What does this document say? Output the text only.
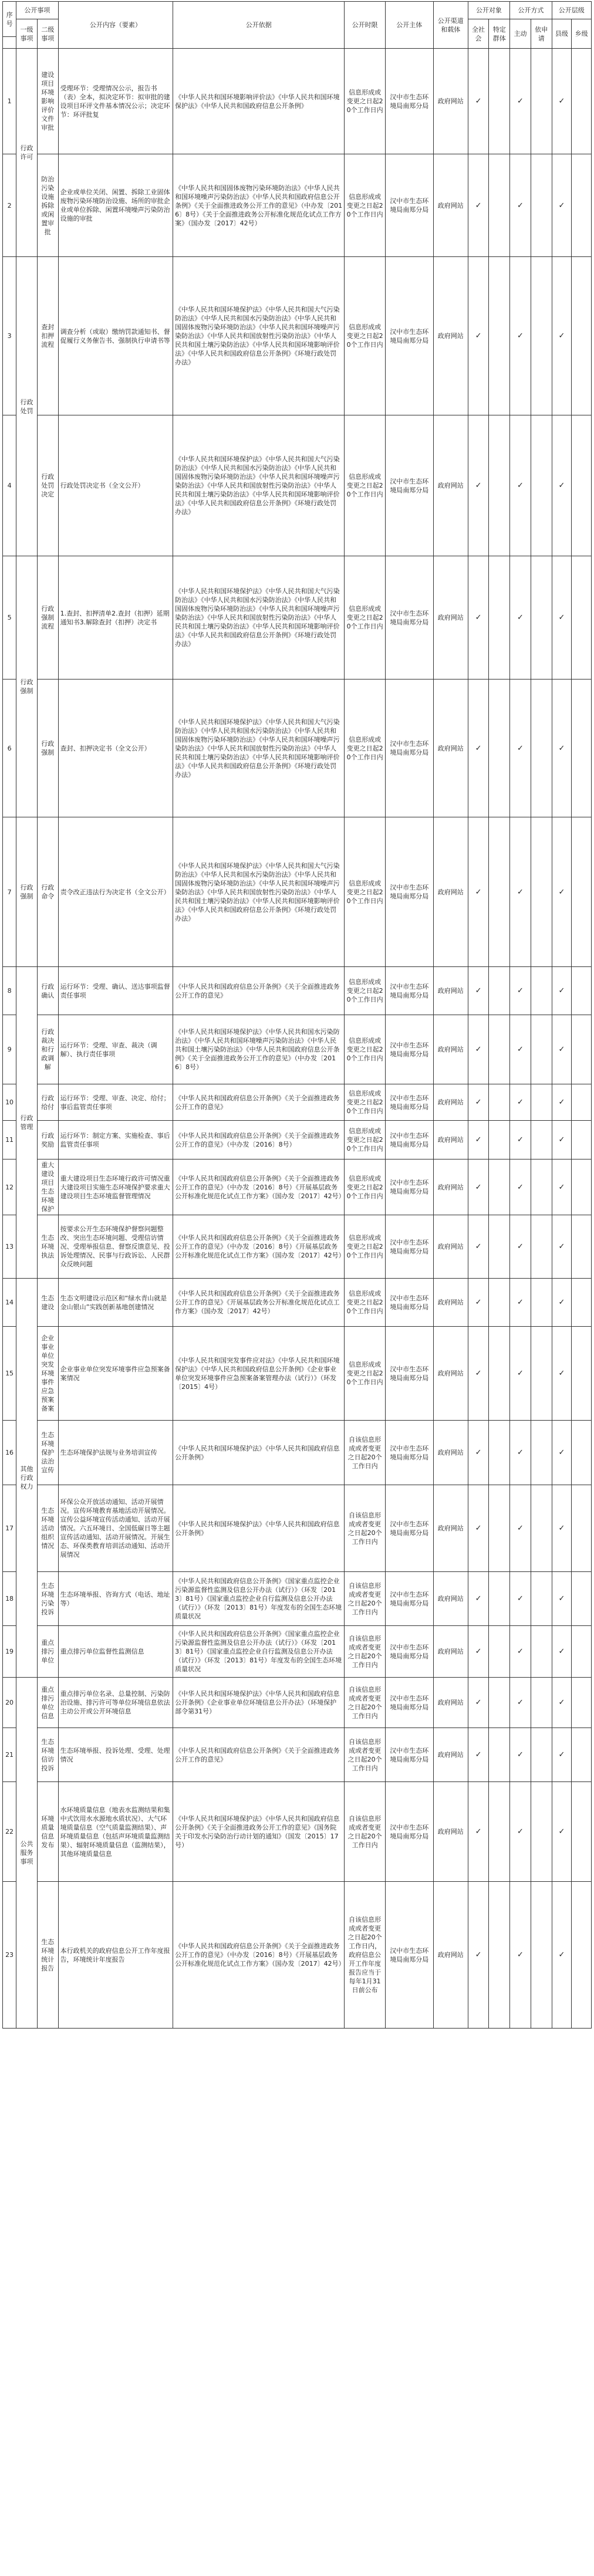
序号	公开事项		公开内容（要素）	公开依据	公开时限	公开主体	公开渠道和载体	公开对象		公开方式		公开层级	
	一级事项	二级事项						全社会	特定群体	主动	依申请	县级	乡级

1	行政许可	建设项目环境影响评价文件审批	受理环节：受理情况公示，报告书（表）全本，拟决定环节：拟审批的建设项目环评文件基本情况公示；决定环节：环评批复	《中华人民共和国环境影响评价法》《中华人民共和国环境保护法》《中华人民共和国政府信息公开条例》	信息形成或变更之日起20个工作日内	汉中市生态环境局南郑分局	政府网站	✓		✓		✓	
2		防治污染设施拆除或闲置审批	企业或单位关闭、闲置、拆除工业固体废物污染环境防治设施、场所的审批企业或单位拆除、闲置环境噪声污染防治设施的审批	《中华人民共和国固体废物污染环境防治法》《中华人民共和国环境噪声污染防治法》《中华人民共和国政府信息公开条例》《关于全面推进政务公开工作的意见》（中办发〔2016〕8号）《关于全面推进政务公开标准化规范化试点工作方案》（国办发〔2017〕42号）	信息形成或变更之日起20个工作日内	汉中市生态环境局南郑分局	政府网站	✓		✓		✓	
3	行政处罚	查封扣押流程	调查分析（或取）缴纳罚款通知书、督促履行义务催告书、强制执行申请书等	《中华人民共和国环境保护法》《中华人民共和国大气污染防治法》《中华人民共和国水污染防治法》《中华人民共和国固体废物污染环境防治法》《中华人民共和国环境噪声污染防治法》《中华人民共和国放射性污染防治法》《中华人民共和国土壤污染防治法》《中华人民共和国环境影响评价法》《中华人民共和国政府信息公开条例》《环境行政处罚办法》	信息形成或变更之日起20个工作日内	汉中市生态环境局南郑分局	政府网站	✓		✓		✓	
4		行政处罚决定	行政处罚决定书（全文公开）	《中华人民共和国环境保护法》《中华人民共和国大气污染防治法》《中华人民共和国水污染防治法》《中华人民共和国固体废物污染环境防治法》《中华人民共和国环境噪声污染防治法》《中华人民共和国放射性污染防治法》《中华人民共和国土壤污染防治法》《中华人民共和国环境影响评价法》《中华人民共和国政府信息公开条例》《环境行政处罚办法》	信息形成或变更之日起20个工作日内	汉中市生态环境局南郑分局	政府网站	✓		✓		✓	
5	行政强制	行政强制流程	1.查封、扣押清单2.查封（扣押）延期通知书3.解除查封（扣押）决定书	《中华人民共和国环境保护法》《中华人民共和国大气污染防治法》《中华人民共和国水污染防治法》《中华人民共和国固体废物污染环境防治法》《中华人民共和国环境噪声污染防治法》《中华人民共和国放射性污染防治法》《中华人民共和国土壤污染防治法》《中华人民共和国环境影响评价法》《中华人民共和国政府信息公开条例》《环境行政处罚办法》	信息形成或变更之日起20个工作日内	汉中市生态环境局南郑分局	政府网站	✓		✓		✓	
6		行政强制	查封、扣押决定书（全文公开）	《中华人民共和国环境保护法》《中华人民共和国大气污染防治法》《中华人民共和国水污染防治法》《中华人民共和国固体废物污染环境防治法》《中华人民共和国环境噪声污染防治法》《中华人民共和国放射性污染防治法》《中华人民共和国土壤污染防治法》《中华人民共和国环境影响评价法》《中华人民共和国政府信息公开条例》《环境行政处罚办法》	信息形成或变更之日起20个工作日内	汉中市生态环境局南郑分局	政府网站	✓		✓		✓	
7	行政强制	行政命令	责令改正违法行为决定书（全文公开）	《中华人民共和国环境保护法》《中华人民共和国大气污染防治法》《中华人民共和国水污染防治法》《中华人民共和国固体废物污染环境防治法》《中华人民共和国环境噪声污染防治法》《中华人民共和国放射性污染防治法》《中华人民共和国土壤污染防治法》《中华人民共和国环境影响评价法》《中华人民共和国政府信息公开条例》《环境行政处罚办法》	信息形成或变更之日起20个工作日内	汉中市生态环境局南郑分局	政府网站	✓		✓		✓	
8	行政管理	行政确认	运行环节：受理、确认、送达事项监督责任事项	《中华人民共和国政府信息公开条例》《关于全面推进政务公开工作的意见》	信息形成或变更之日起20个工作日内	汉中市生态环境局南郑分局	政府网站	✓		✓		✓	
9		行政裁决和行政调解	运行环节：受理、审查、裁决（调解）、执行责任事项	《中华人民共和国环境保护法》《中华人民共和国水污染防治法》《中华人民共和国环境噪声污染防治法》《中华人民共和国土壤污染防治法》《中华人民共和国政府信息公开条例》《关于全面推进政务公开工作的意见》（中办发〔2016〕8号）	信息形成或变更之日起20个工作日内	汉中市生态环境局南郑分局	政府网站	✓		✓		✓	
10		行政给付	运行环节：受理、审查、决定、给付；事后监管责任事项	《中华人民共和国政府信息公开条例》《关于全面推进政务公开工作的意见》	信息形成或变更之日起20个工作日内	汉中市生态环境局南郑分局	政府网站	✓		✓		✓	
11		行政奖励	运行环节：制定方案、实施检查、事后监管责任事项	《中华人民共和国政府信息公开条例》《关于全面推进政务公开工作的意见》（中办发〔2016〕8号）	信息形成或变更之日起20个工作日内	汉中市生态环境局南郑分局	政府网站	✓		✓		✓	
12		重大建设项目生态环境保护	重大建设项目生态环境行政许可情况重大建设项目实施生态环境保护要求重大建设项目生态环境监督管理情况	《中华人民共和国政府信息公开条例》《关于全面推进政务公开工作的意见》（中办发〔2016〕8号）《开展基层政务公开标准化规范化试点工作方案》（国办发〔2017〕42号）	信息形成或变更之日起20个工作日内	汉中市生态环境局南郑分局	政府网站	✓		✓		✓	
13		生态环境执法	按要求公开生态环境保护督察问题整改、突出生态环境问题、受理信访情况、受理举报信息、督察反馈意见、投诉处理情况、民事与行政诉讼、人民群众反映问题	《中华人民共和国政府信息公开条例》《关于全面推进政务公开工作的意见》（中办发〔2016〕8号）《开展基层政务公开标准化规范化试点工作方案》（国办发〔2017〕42号）	信息形成或变更之日起20个工作日内	汉中市生态环境局南郑分局	政府网站	✓		✓		✓	
14	其他行政权力	生态建设	生态文明建设示范区和“绿水青山就是金山银山”实践创新基地创建情况	《中华人民共和国政府信息公开条例》《关于全面推进政务公开工作的意见》《开展基层政务公开标准化规范化试点工作方案》（国办发〔2017〕42号）	信息形成或变更之日起20个工作日内	汉中市生态环境局南郑分局	政府网站	✓		✓		✓	
15		企业事业单位突发环境事件应急预案备案	企业事业单位突发环境事件应急预案备案情况	《中华人民共和国突发事件应对法》《中华人民共和国环境保护法》《中华人民共和国政府信息公开条例》《企业事业单位突发环境事件应急预案备案管理办法（试行）》（环发〔2015〕4号）	信息形成或变更之日起20个工作日内	汉中市生态环境局南郑分局	政府网站	✓		✓		✓	
16		生态环境保护法治宣传	生态环境保护法规与业务培训宣传	《中华人民共和国环境保护法》《中华人民共和国政府信息公开条例》	自该信息形成或者变更之日起20个工作日内	汉中市生态环境局南郑分局	政府网站	✓		✓		✓	
17		生态环境活动组织情况	环保公众开放活动通知、活动开展情况。宣传环境教育基地活动开展情况。宣传公益环境宣传活动通知、活动开展情况。六五环境日、全国低碳日等主题宣传活动通知、活动开展情况。开展生态、环保类教育培训活动通知、活动开展情况	《中华人民共和国环境保护法》《中华人民共和国政府信息公开条例》	自该信息形成或者变更之日起20个工作日内	汉中市生态环境局南郑分局	政府网站	✓		✓		✓	
18		生态环境污染投诉	生态环境举报、咨询方式（电话、地址等）	《中华人民共和国政府信息公开条例》《国家重点监控企业污染源监督性监测及信息公开办法（试行）》（环发〔2013〕81号）《国家重点监控企业自行监测及信息公开办法（试行）》（环发〔2013〕81号）年度发布的全国生态环境质量状况	自该信息形成或者变更之日起20个工作日内	汉中市生态环境局南郑分局	政府网站	✓		✓		✓	
19		重点排污单位	重点排污单位监督性监测信息	《中华人民共和国政府信息公开条例》《国家重点监控企业污染源监督性监测及信息公开办法（试行）》（环发〔2013〕81号）《国家重点监控企业自行监测及信息公开办法（试行）》（环发〔2013〕81号）年度发布的全国生态环境质量状况	自该信息形成或者变更之日起20个工作日内	汉中市生态环境局南郑分局	政府网站	✓		✓		✓	
20	公共服务事项	重点排污单位信息	重点排污单位名录、总量控制、污染防治设施、排污许可等单位环境信息依法主动公开或公开环境信息	《中华人民共和国环境保护法》《中华人民共和国政府信息公开条例》《企业事业单位环境信息公开办法》（环境保护部令第31号）	自该信息形成或者变更之日起20个工作日内	汉中市生态环境局南郑分局	政府网站	✓		✓		✓	
21		生态环境信访投诉	生态环境举报、投诉处理、受理、处理情况	《中华人民共和国政府信息公开条例》《关于全面推进政务公开工作的意见》	自该信息形成或者变更之日起20个工作日内	汉中市生态环境局南郑分局	政府网站	✓		✓		✓	
22		环境质量信息发布	水环境质量信息（地表水监测结果和集中式饮用水水源地水质状况）、大气环境质量信息（空气质量监测结果）、声环境质量信息（包括声环境质量监测结果）、辐射环境质量信息（监测结果），其他环境质量信息	《中华人民共和国环境保护法》《中华人民共和国政府信息公开条例》《关于全面推进政务公开工作的意见》《国务院关于印发水污染防治行动计划的通知》（国发〔2015〕17号）	自该信息形成或者变更之日起20个工作日内	汉中市生态环境局南郑分局	政府网站	✓		✓		✓	
23		生态环境统计报告	本行政机关的政府信息公开工作年度报告，环境统计年度报告	《中华人民共和国政府信息公开条例》《关于全面推进政务公开工作的意见》（中办发〔2016〕8号）《开展基层政务公开标准化规范化试点工作方案》（国办发〔2017〕42号）	自该信息形成或者变更之日起20个工作日内，政府信息公开工作年度报告应当于每年1月31日前公布	汉中市生态环境局南郑分局	政府网站	✓		✓		✓	
